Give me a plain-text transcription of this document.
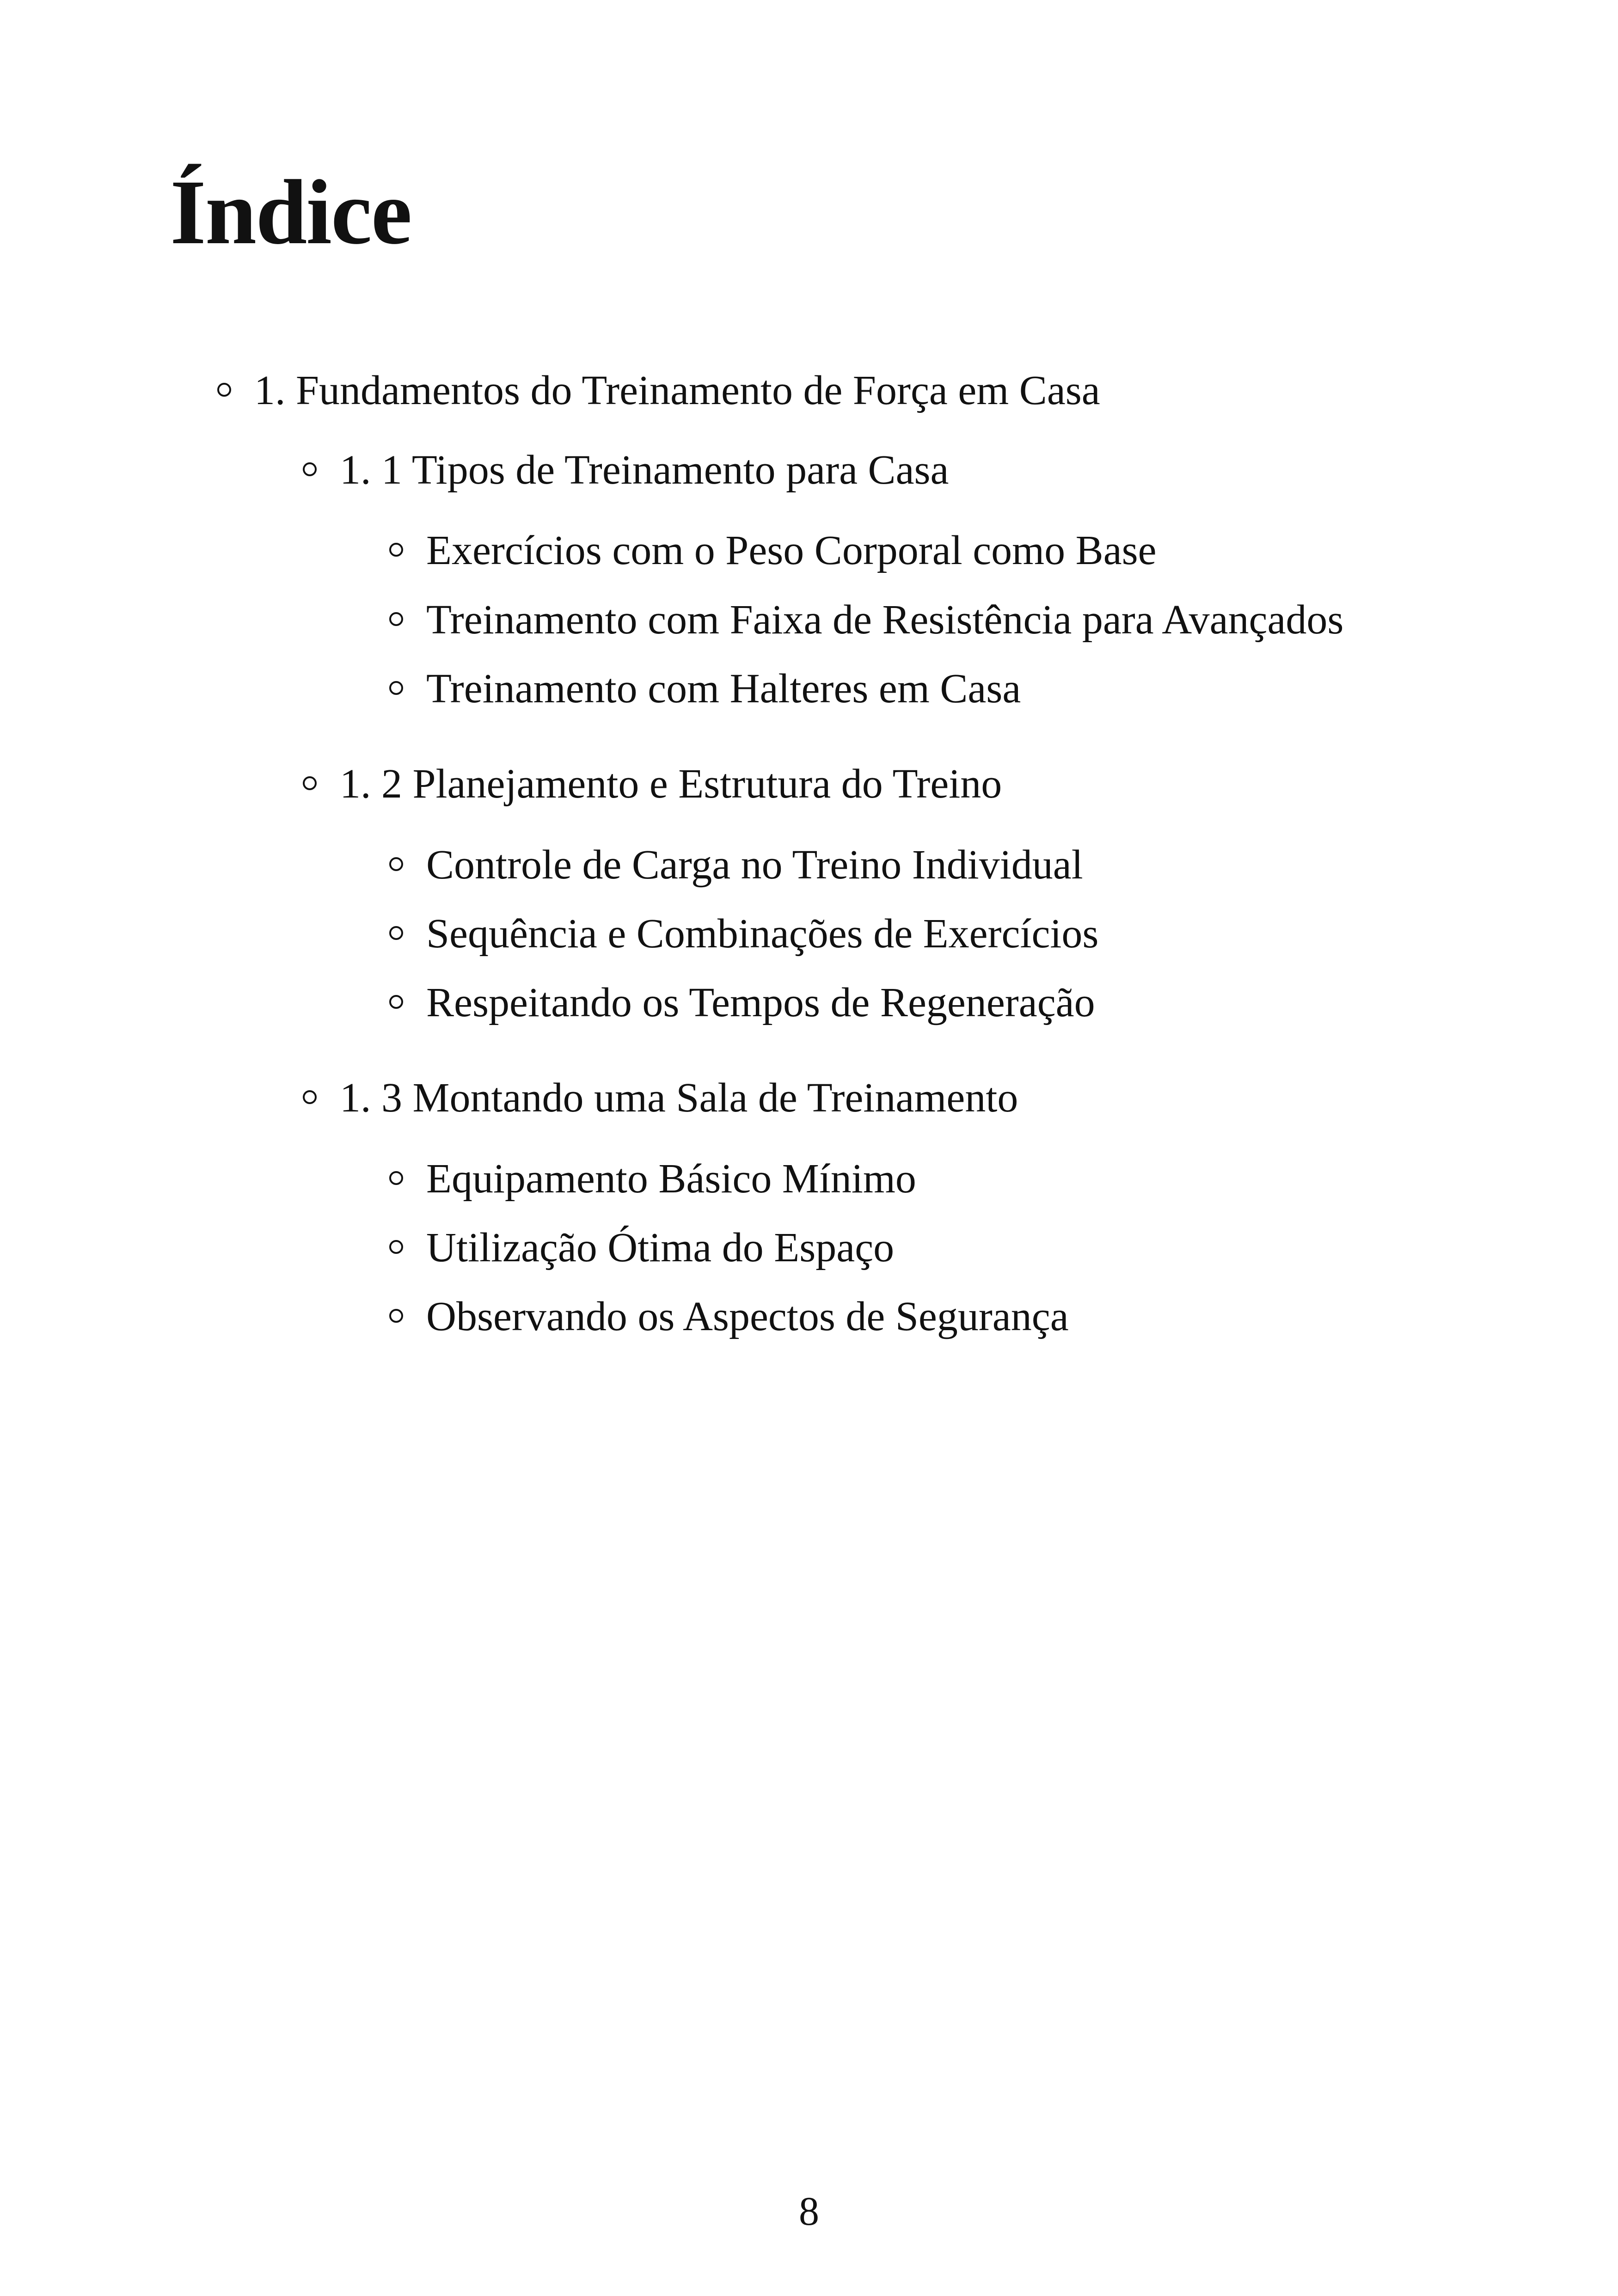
Índice
1. Fundamentos do Treinamento de Força em Casa
1. 1 Tipos de Treinamento para Casa
Exercícios com o Peso Corporal como Base
Treinamento com Faixa de Resistência para Avançados
Treinamento com Halteres em Casa
1. 2 Planejamento e Estrutura do Treino
Controle de Carga no Treino Individual
Sequência e Combinações de Exercícios
Respeitando os Tempos de Regeneração
1. 3 Montando uma Sala de Treinamento
Equipamento Básico Mínimo
Utilização Ótima do Espaço
Observando os Aspectos de Segurança
8
